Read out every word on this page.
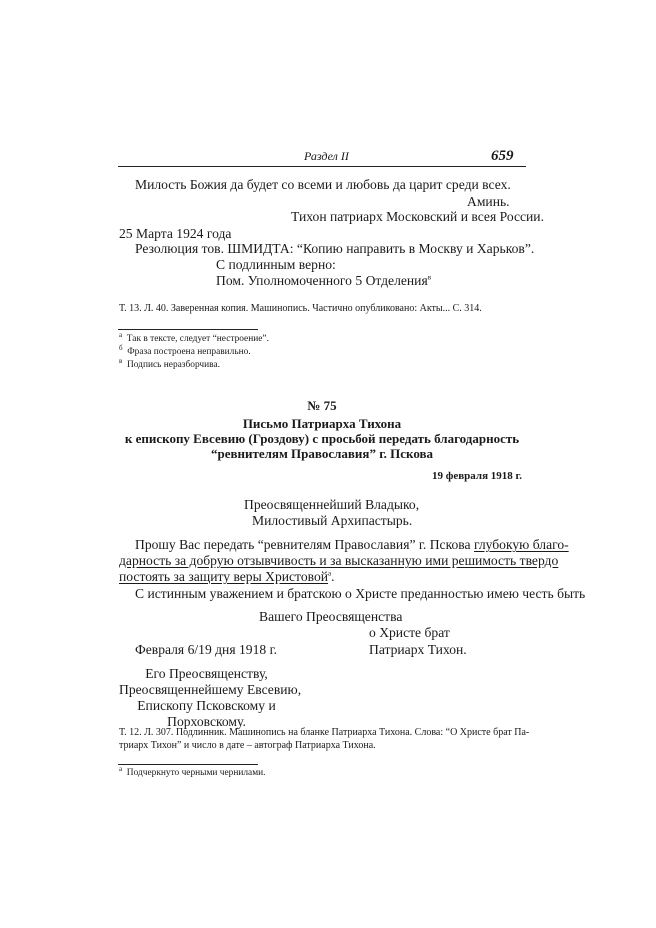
Раздел II	659
Милость Божия да будет со всеми и любовь да царит среди всех.
Аминь.
Тихон патриарх Московский и всея России.
25 Марта 1924 года
Резолюция тов. ШМИДТА: “Копию направить в Москву и Харьков”.
С подлинным верно:
Пом. Уполномоченного 5 Отделения$^в$
Т. 13. Л. 40. Заверенная копия. Машинопись. Частично опубликовано: Акты... С. 314.
$^а$ Так в тексте, следует “нестроение”.
$^б$ Фраза построена неправильно.
$^в$ Подпись неразборчива.
№ 75
Письмо Патриарха Тихона
к епископу Евсевию (Гроздову) с просьбой передать благодарность
“ревнителям Православия” г. Пскова
19 февраля 1918 г.
Преосвященнейший Владыко,
Милостивый Архипастырь.
Прошу Вас передать “ревнителям Православия” г. Пскова глубокую благо-
дарность за добрую отзывчивость и за высказанную ими решимость твердо
постоять за защиту веры Христовой$^а$.
С истинным уважением и братскою о Христе преданностью имею честь быть
Вашего Преосвященства
о Христе брат
Февраля 6/19 дня 1918 г.	Патриарх Тихон.
Его Преосвященству,
Преосвященнейшему Евсевию,
Епископу Псковскому и
Порховскому.
Т. 12. Л. 307. Подлинник. Машинопись на бланке Патриарха Тихона. Слова: “О Христе брат Па-
триарх Тихон” и число в дате – автограф Патриарха Тихона.
$^а$ Подчеркнуто черными чернилами.
